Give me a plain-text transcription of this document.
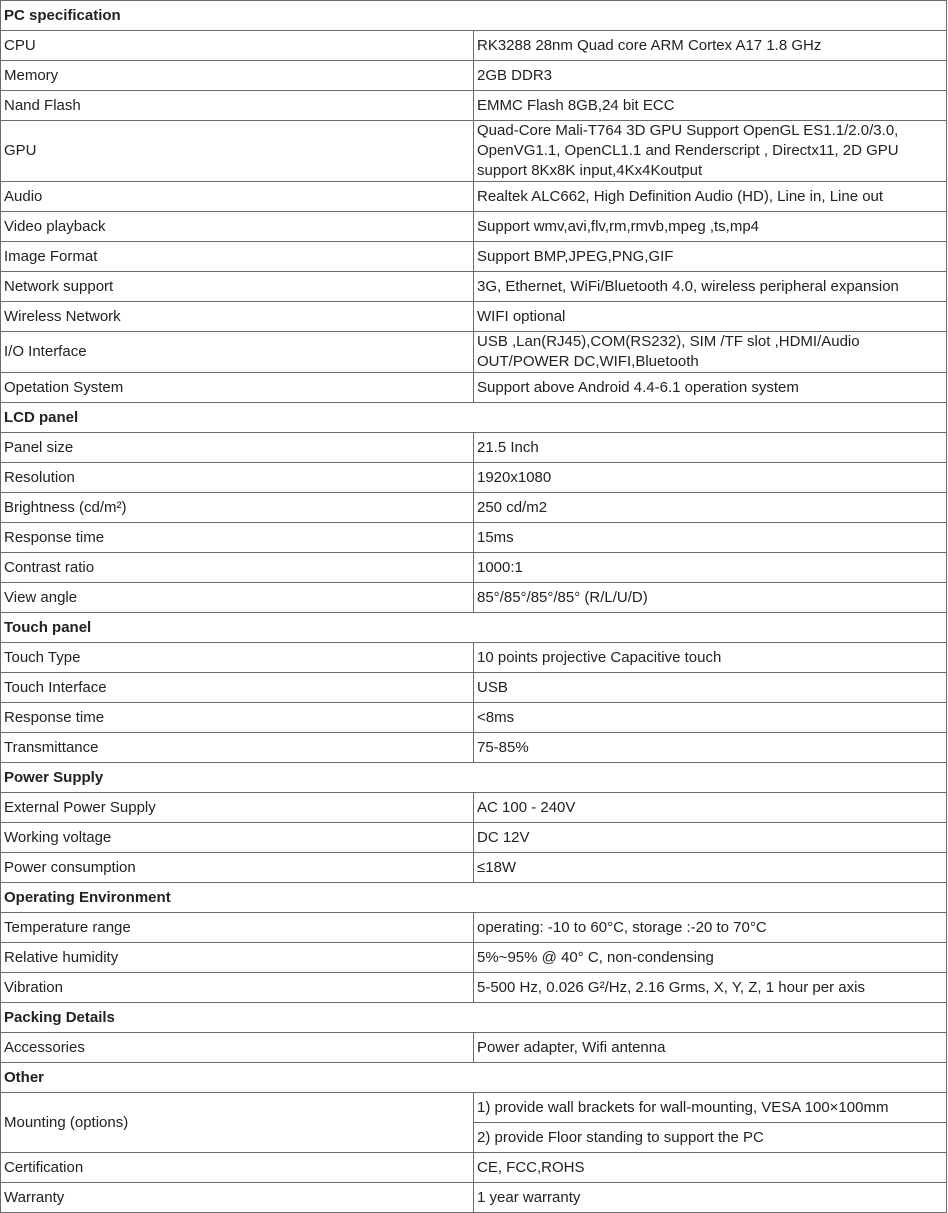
PC specification	
CPU	RK3288 28nm Quad core ARM Cortex A17 1.8 GHz
Memory	2GB DDR3
Nand Flash	EMMC Flash 8GB,24 bit ECC
GPU	Quad-Core Mali-T764 3D GPU Support OpenGL ES1.1/2.0/3.0, OpenVG1.1, OpenCL1.1 and Renderscript , Directx11, 2D GPU support 8Kx8K input,4Kx4Koutput
Audio	Realtek ALC662, High Definition Audio (HD), Line in, Line out
Video playback	Support wmv,avi,flv,rm,rmvb,mpeg ,ts,mp4
Image Format	Support BMP,JPEG,PNG,GIF
Network support	3G, Ethernet, WiFi/Bluetooth 4.0, wireless peripheral expansion
Wireless Network	WIFI optional
I/O Interface	USB ,Lan(RJ45),COM(RS232), SIM /TF slot ,HDMI/Audio OUT/POWER DC,WIFI,Bluetooth
Opetation System	Support above Android 4.4-6.1 operation system
LCD panel	
Panel size	21.5 Inch
Resolution	1920x1080
Brightness (cd/m²)	250 cd/m2
Response time	15ms
Contrast ratio	1000:1
View angle	85°/85°/85°/85° (R/L/U/D)
Touch panel	
Touch Type	10 points projective Capacitive touch
Touch Interface	USB
Response time	<8ms
Transmittance	75-85%
Power Supply	
External Power Supply	AC 100 - 240V
Working voltage	DC 12V
Power consumption	≤18W
Operating Environment	
Temperature range	operating: -10 to 60°C, storage :-20 to 70°C
Relative humidity	5%~95% @ 40° C, non-condensing
Vibration	5-500 Hz, 0.026 G²/Hz, 2.16 Grms, X, Y, Z, 1 hour per axis
Packing Details	
Accessories	Power adapter, Wifi antenna
Other	
Mounting (options)	1) provide wall brackets for wall-mounting, VESA 100×100mm
	2) provide Floor standing to support the PC
Certification	CE, FCC,ROHS
Warranty	1 year warranty
